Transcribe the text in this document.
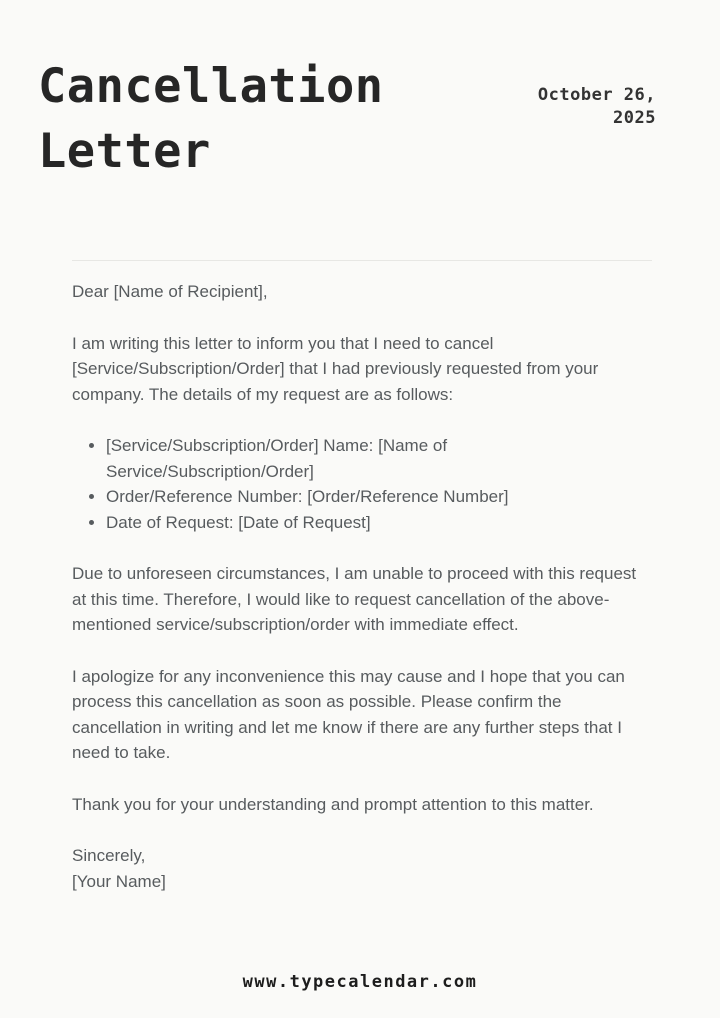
Cancellation Letter
October 26, 2025

Dear [Name of Recipient],

I am writing this letter to inform you that I need to cancel [Service/Subscription/Order] that I had previously requested from your company. The details of my request are as follows:

• [Service/Subscription/Order] Name: [Name of Service/Subscription/Order]
• Order/Reference Number: [Order/Reference Number]
• Date of Request: [Date of Request]

Due to unforeseen circumstances, I am unable to proceed with this request at this time. Therefore, I would like to request cancellation of the above-mentioned service/subscription/order with immediate effect.

I apologize for any inconvenience this may cause and I hope that you can process this cancellation as soon as possible. Please confirm the cancellation in writing and let me know if there are any further steps that I need to take.

Thank you for your understanding and prompt attention to this matter.

Sincerely,

[Your Name]

www.typecalendar.com
